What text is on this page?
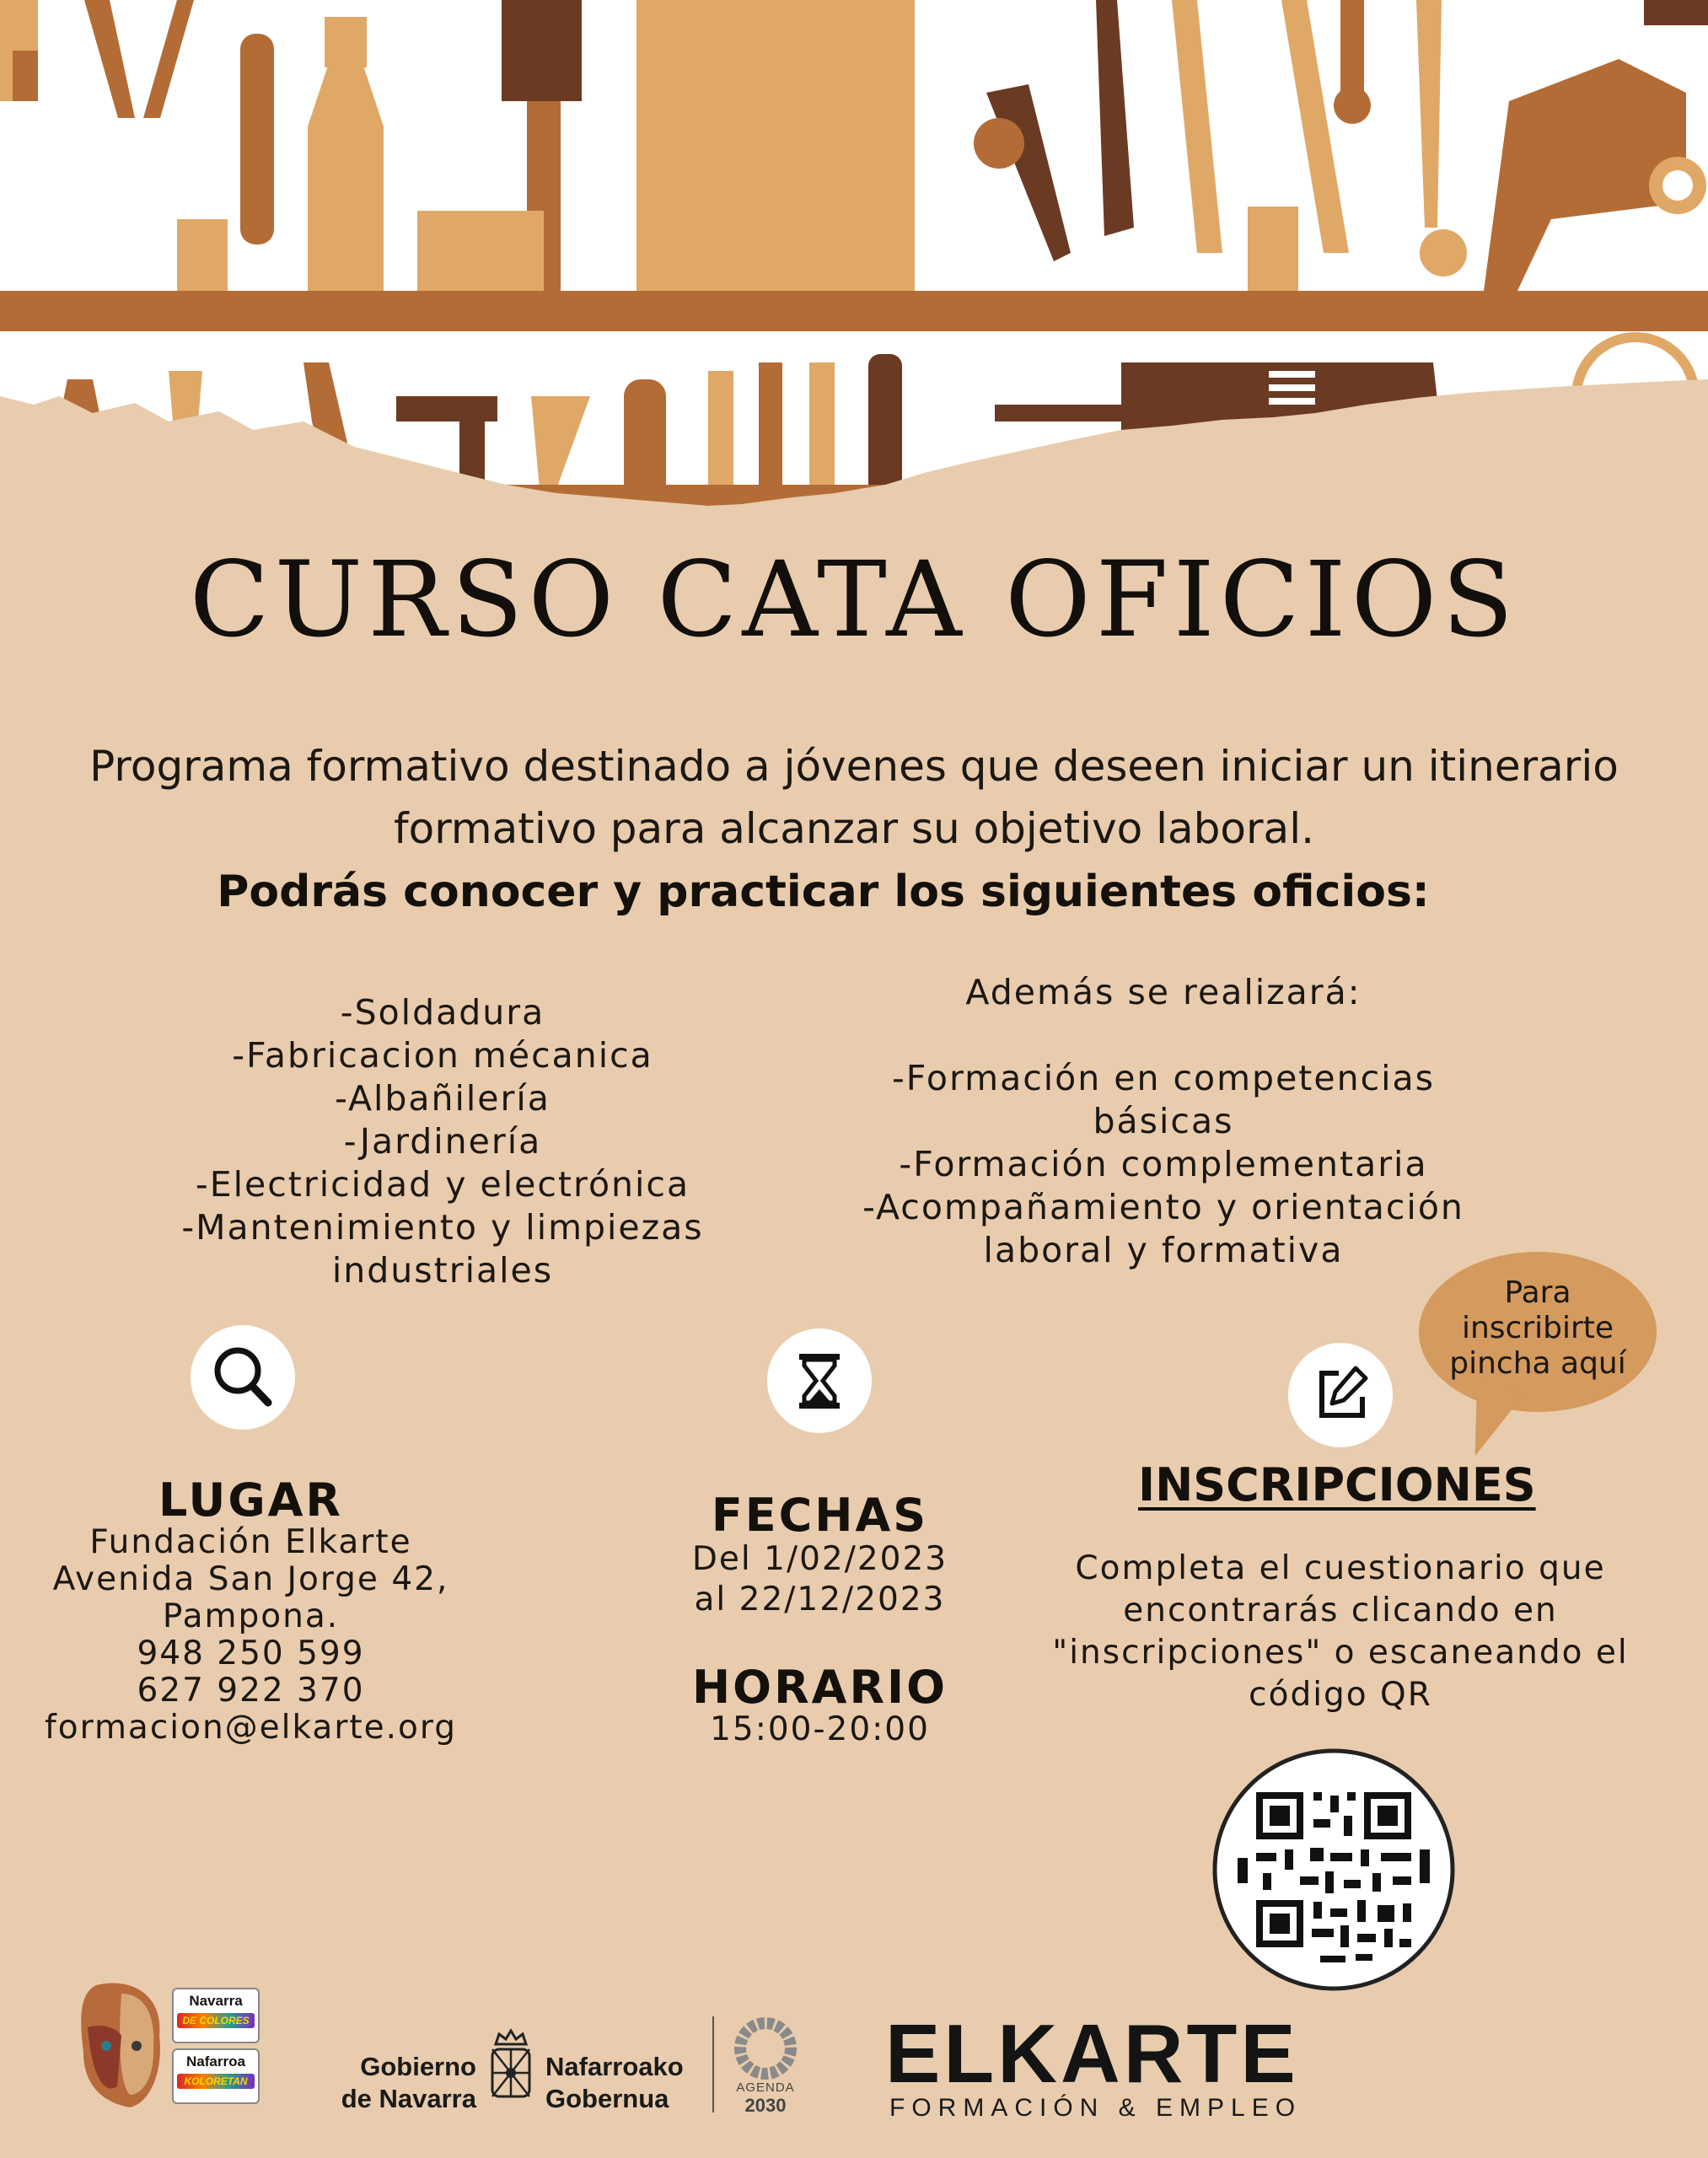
CURSO CATA OFICIOS
Programa formativo destinado a jóvenes que deseen iniciar un itinerario
formativo para alcanzar su objetivo laboral.
Podrás conocer y practicar los siguientes oficios:
-Soldadura
-Fabricacion mécanica
-Albañilería
-Jardinería
-Electricidad y electrónica
-Mantenimiento y limpiezas
industriales
Además se realizará:
-Formación en competencias
básicas
-Formación complementaria
-Acompañamiento y orientación
laboral y formativa
Para
inscribirte
pincha aquí
LUGAR
Fundación Elkarte
Avenida San Jorge 42,
Pampona.
948 250 599
627 922 370
formacion@elkarte.org
FECHAS
Del 1/02/2023
al 22/12/2023
HORARIO
15:00-20:00
INSCRIPCIONES
Completa el cuestionario que
encontrarás clicando en
"inscripciones" o escaneando el
código QR
Navarra
DE COLORES
Nafarroa
KOLORETAN	Gobierno
de Navarra
Nafarroako
Gobernua	AGENDA
2030
ELKARTE
FORMACIÓN & EMPLEO
